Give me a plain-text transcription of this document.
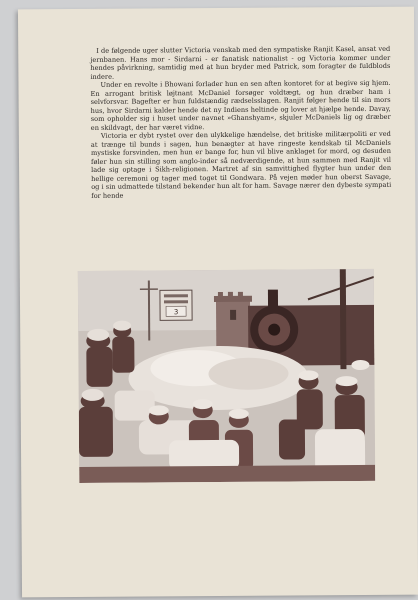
I de følgende uger slutter Victoria venskab med den sympatiske Ranjit Kasel, ansat ved jernbanen. Hans mor - Sirdarni - er fanatisk nationalist - og Victoria kommer under hendes påvirkning, samtidig med at hun bryder med Patrick, som foragter de fuldblods indere.

Under en revolte i Bhowani forlader hun en sen aften kontoret for at begive sig hjem. En arrogant britisk løjtnant McDaniel forsøger voldtægt, og hun dræber ham i selvforsvar. Bagefter er hun fuldstændig rædselsslagen. Ranjit følger hende til sin mors hus, hvor Sirdarni kalder hende det ny Indiens heltinde og lover at hjælpe hende. Davay, som opholder sig i huset under navnet »Ghanshyam«, skjuler McDaniels lig og dræber en skildvagt, der har været vidne.

Victoria er dybt rystet over den ulykkelige hændelse, det britiske militærpoliti er ved at trænge til bunds i sagen, hun benægter at have ringeste kendskab til McDaniels mystiske forsvinden, men hun er bange for, hun vil blive anklaget for mord, og desuden føler hun sin stilling som anglo-inder så nedværdigende, at hun sammen med Ranjit vil lade sig optage i Sikh-religionen. Martret af sin samvittighed flygter hun under den hellige ceremoni og tager med toget til Gondwara. På vejen møder hun oberst Savage, og i sin udmattede tilstand bekender hun alt for ham. Savage nærer den dybeste sympati for hende

3
